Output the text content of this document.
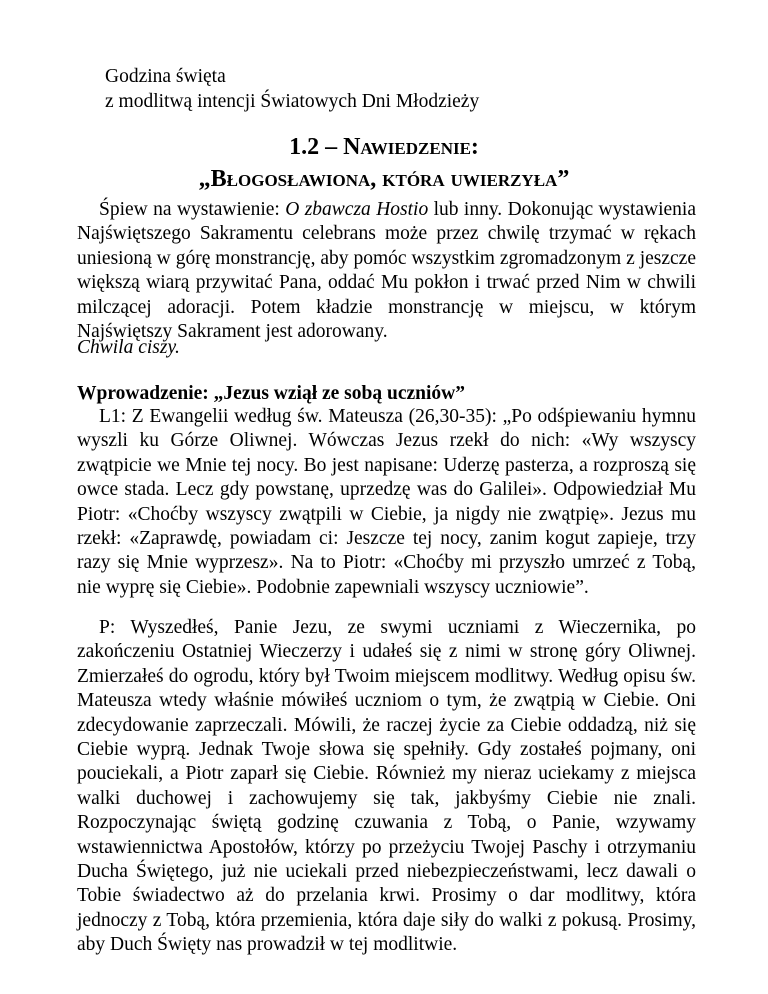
Godzina święta
z modlitwą intencji Światowych Dni Młodzieży
1.2 – Nawiedzenie:
„Błogosławiona, która uwierzyła”

Śpiew na wystawienie: O zbawcza Hostio lub inny. Dokonując wystawienia Najświętszego Sakramentu celebrans może przez chwilę trzymać w rękach uniesioną w górę monstrancję, aby pomóc wszystkim zgromadzonym z jeszcze większą wiarą przywitać Pana, oddać Mu pokłon i trwać przed Nim w chwili milczącej adoracji. Potem kładzie monstrancję w miejscu, w którym Najświętszy Sakrament jest adorowany.

Chwila ciszy.

Wprowadzenie: „Jezus wziął ze sobą uczniów”

L1: Z Ewangelii według św. Mateusza (26,30-35): „Po odśpiewaniu hymnu wyszli ku Górze Oliwnej. Wówczas Jezus rzekł do nich: «Wy wszyscy zwątpicie we Mnie tej nocy. Bo jest napisane: Uderzę pasterza, a rozproszą się owce stada. Lecz gdy powstanę, uprzedzę was do Galilei». Odpowiedział Mu Piotr: «Choćby wszyscy zwątpili w Ciebie, ja nigdy nie zwątpię». Jezus mu rzekł: «Zaprawdę, powiadam ci: Jeszcze tej nocy, zanim kogut zapieje, trzy razy się Mnie wyprzesz». Na to Piotr: «Choćby mi przyszło umrzeć z Tobą, nie wyprę się Ciebie». Podobnie zapewniali wszyscy uczniowie”.

P: Wyszedłeś, Panie Jezu, ze swymi uczniami z Wieczernika, po zakończeniu Ostatniej Wieczerzy i udałeś się z nimi w stronę góry Oliwnej. Zmierzałeś do ogrodu, który był Twoim miejscem modlitwy. Według opisu św. Mateusza wtedy właśnie mówiłeś uczniom o tym, że zwątpią w Ciebie. Oni zdecydowanie zaprzeczali. Mówili, że raczej życie za Ciebie oddadzą, niż się Ciebie wyprą. Jednak Twoje słowa się spełniły. Gdy zostałeś pojmany, oni pouciekali, a Piotr zaparł się Ciebie. Również my nieraz uciekamy z miejsca walki duchowej i zachowujemy się tak, jakbyśmy Ciebie nie znali. Rozpoczynając świętą godzinę czuwania z Tobą, o Panie, wzywamy wstawiennictwa Apostołów, którzy po przeżyciu Twojej Paschy i otrzymaniu Ducha Świętego, już nie uciekali przed niebezpieczeństwami, lecz dawali o Tobie świadectwo aż do przelania krwi. Prosimy o dar modlitwy, która jednoczy z Tobą, która przemienia, która daje siły do walki z pokusą. Prosimy, aby Duch Święty nas prowadził w tej modlitwie.
